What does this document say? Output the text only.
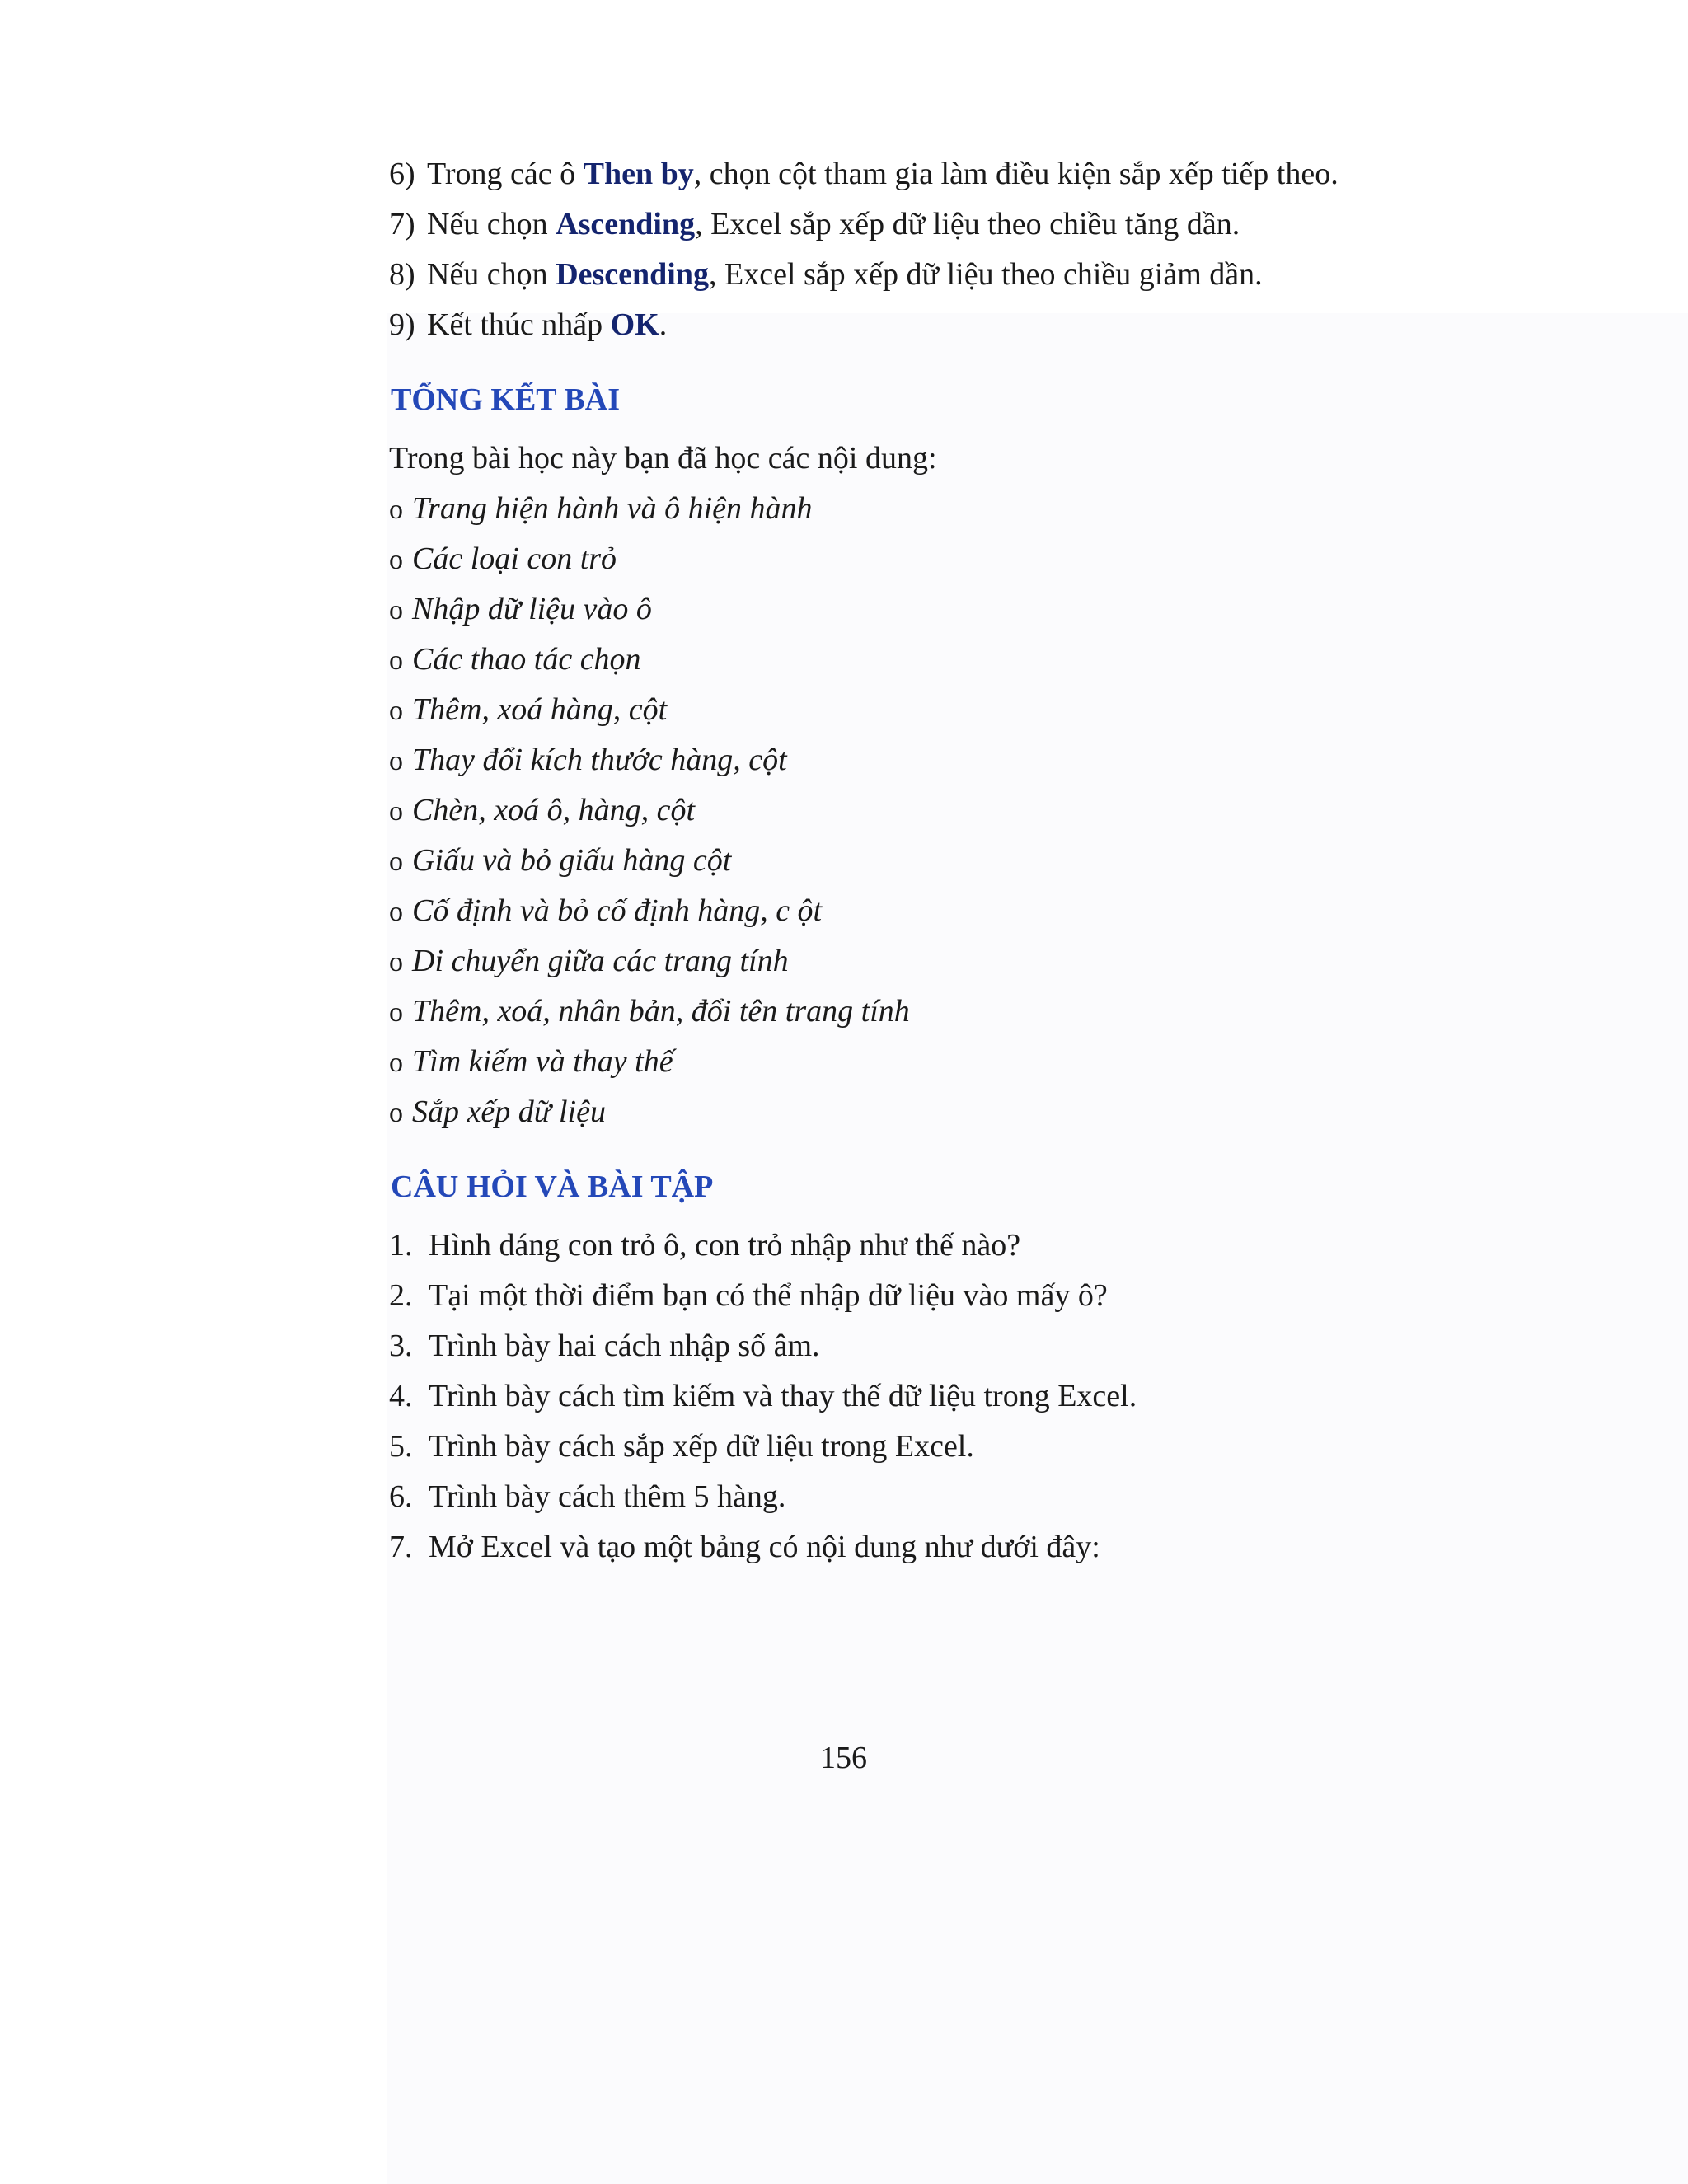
6) Trong các ô Then by, chọn cột tham gia làm điều kiện sắp xếp tiếp theo.
7) Nếu chọn Ascending, Excel sắp xếp dữ liệu theo chiều tăng dần.
8) Nếu chọn Descending, Excel sắp xếp dữ liệu theo chiều giảm dần.
9) Kết thúc nhấp OK.
TỔNG KẾT BÀI
Trong bài học này bạn đã học các nội dung:
o Trang hiện hành và ô hiện hành
o Các loại con trỏ
o Nhập dữ liệu vào ô
o Các thao tác chọn
o Thêm, xoá hàng, cột
o Thay đổi kích thước hàng, cột
o Chèn, xoá ô, hàng, cột
o Giấu và bỏ giấu hàng cột
o Cố định và bỏ cố định hàng, c ột
o Di chuyển giữa các trang tính
o Thêm, xoá, nhân bản, đổi tên trang tính
o Tìm kiếm và thay thế
o Sắp xếp dữ liệu
CÂU HỎI VÀ BÀI TẬP
1. Hình dáng con trỏ ô, con trỏ nhập như thế nào?
2. Tại một thời điểm bạn có thể nhập dữ liệu vào mấy ô?
3. Trình bày hai cách nhập số âm.
4. Trình bày cách tìm kiếm và thay thế dữ liệu trong Excel.
5. Trình bày cách sắp xếp dữ liệu trong Excel.
6. Trình bày cách thêm 5 hàng.
7. Mở Excel và tạo một bảng có nội dung như dưới đây:
156
